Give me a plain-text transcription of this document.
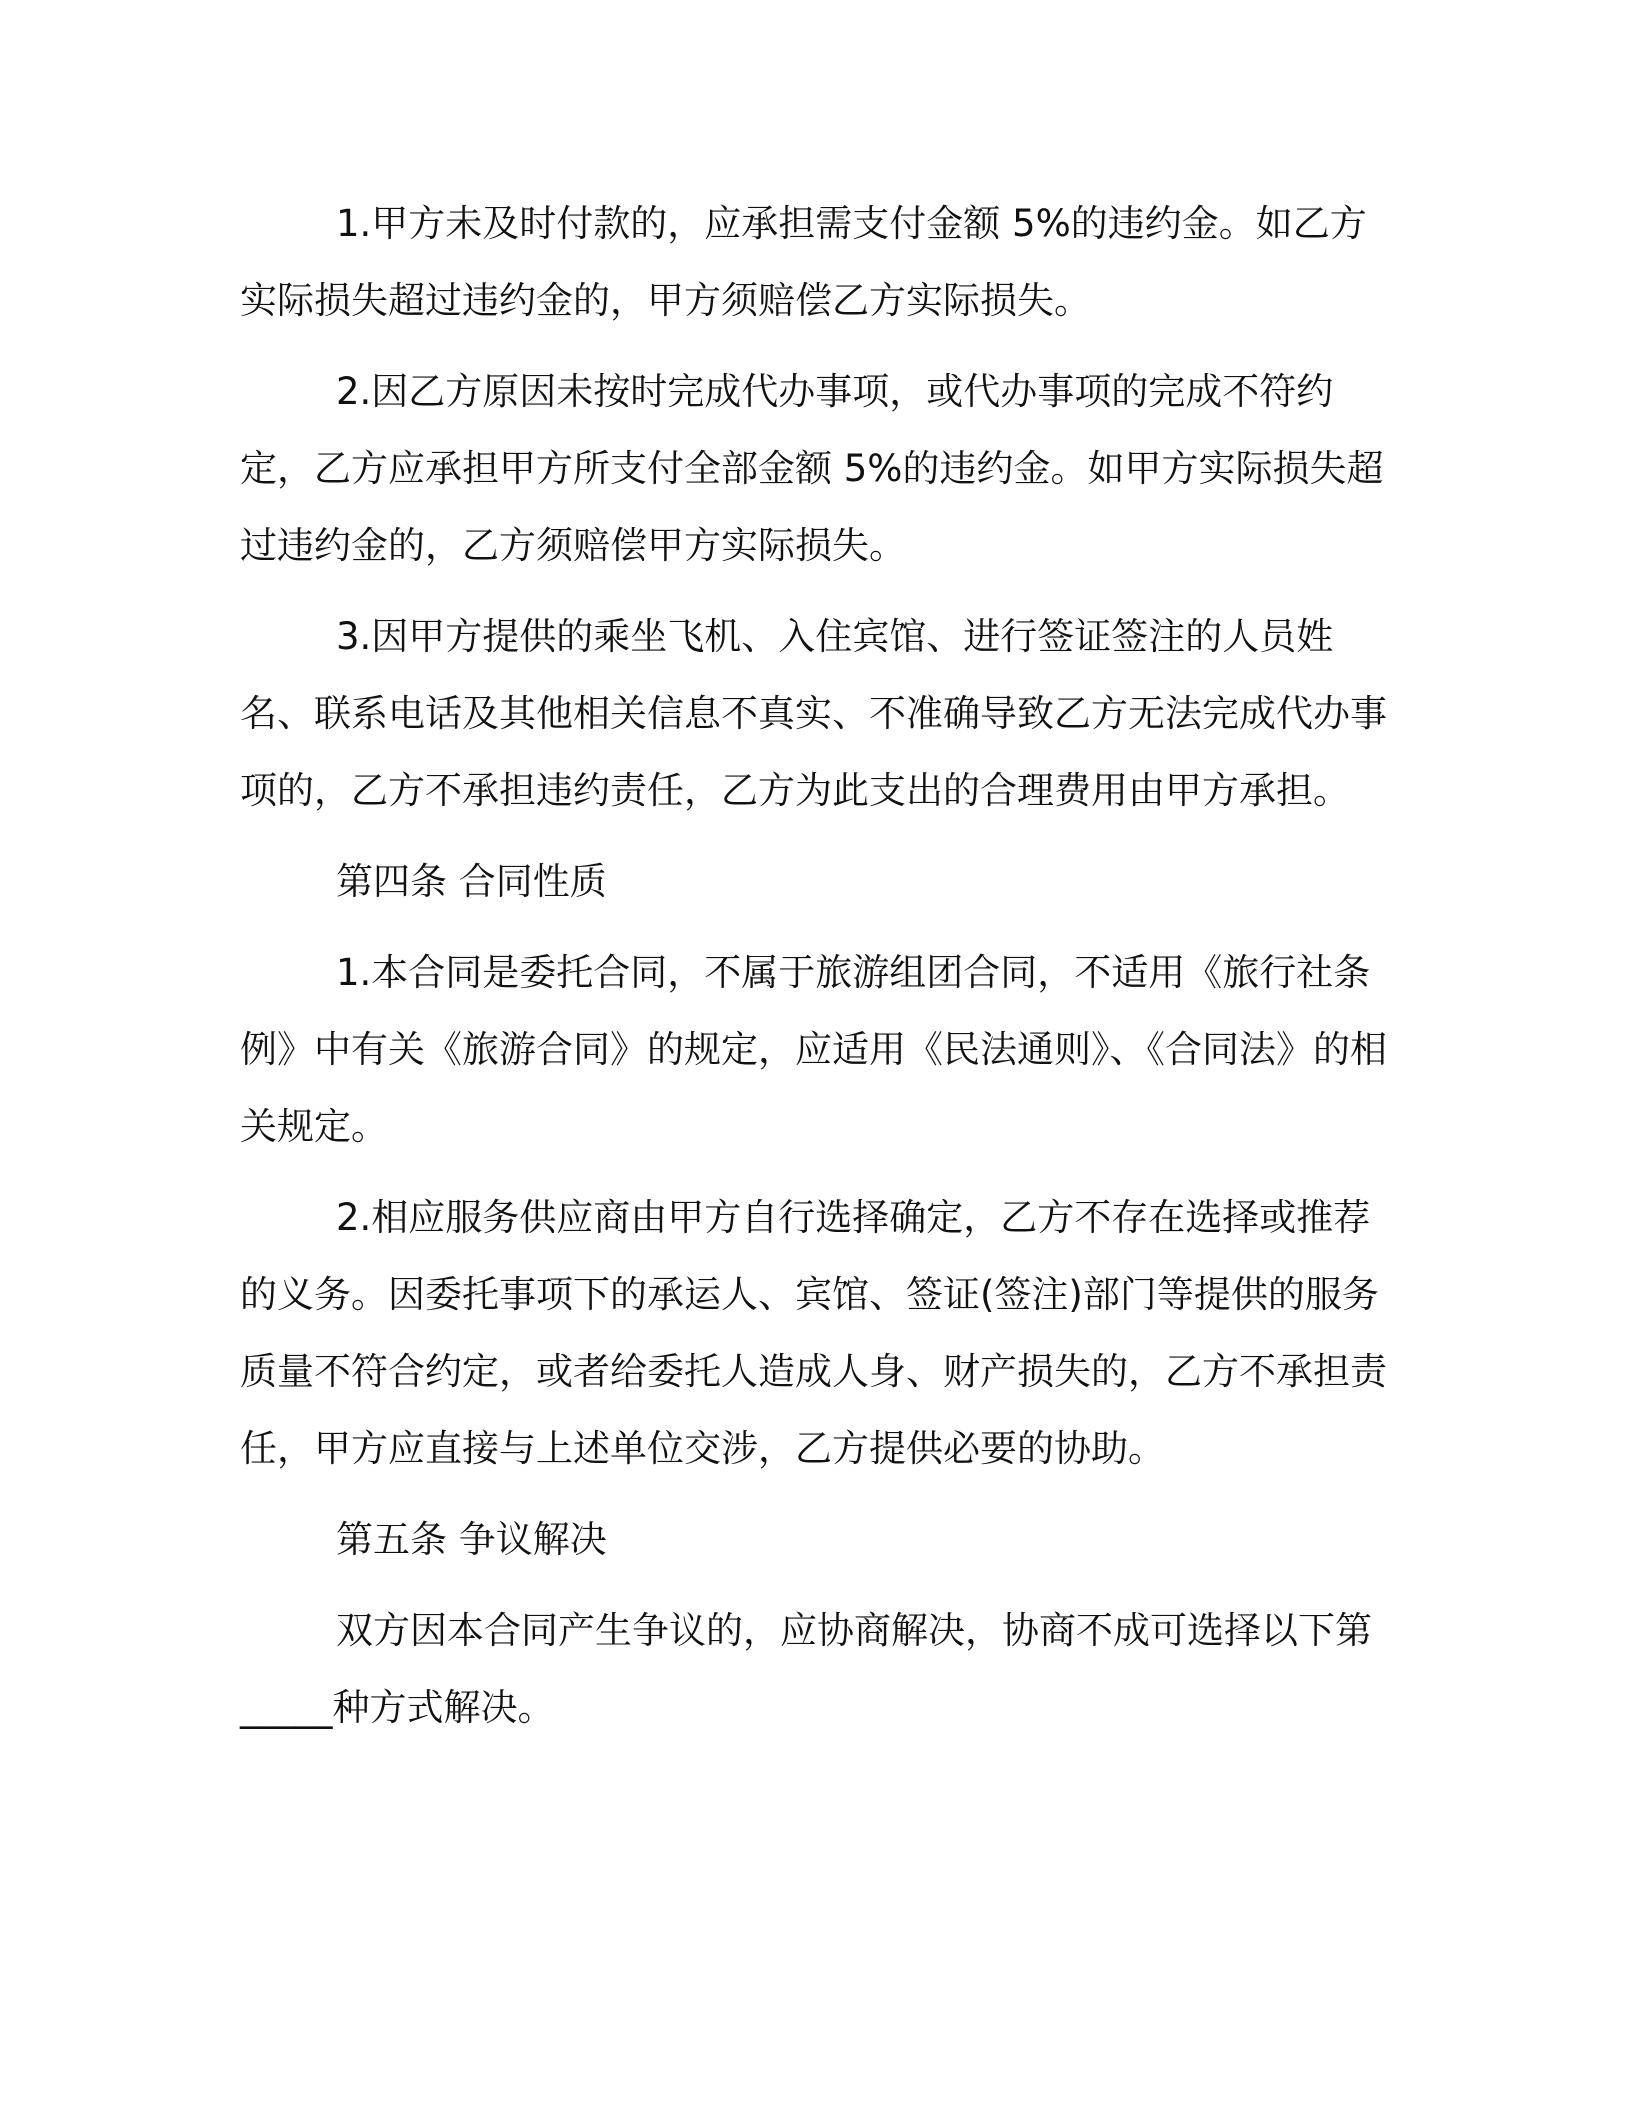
1.甲方未及时付款的，应承担需支付金额 5%的违约金。如乙方实际损失超过违约金的，甲方须赔偿乙方实际损失。

2.因乙方原因未按时完成代办事项，或代办事项的完成不符约定，乙方应承担甲方所支付全部金额 5%的违约金。如甲方实际损失超过违约金的，乙方须赔偿甲方实际损失。

3.因甲方提供的乘坐飞机、入住宾馆、进行签证签注的人员姓名、联系电话及其他相关信息不真实、不准确导致乙方无法完成代办事项的，乙方不承担违约责任，乙方为此支出的合理费用由甲方承担。

第四条 合同性质

1.本合同是委托合同，不属于旅游组团合同，不适用《旅行社条例》中有关《旅游合同》的规定，应适用《民法通则》、《合同法》的相关规定。

2.相应服务供应商由甲方自行选择确定，乙方不存在选择或推荐的义务。因委托事项下的承运人、宾馆、签证(签注)部门等提供的服务质量不符合约定，或者给委托人造成人身、财产损失的，乙方不承担责任，甲方应直接与上述单位交涉，乙方提供必要的协助。

第五条 争议解决

双方因本合同产生争议的，应协商解决，协商不成可选择以下第

_____种方式解决。
